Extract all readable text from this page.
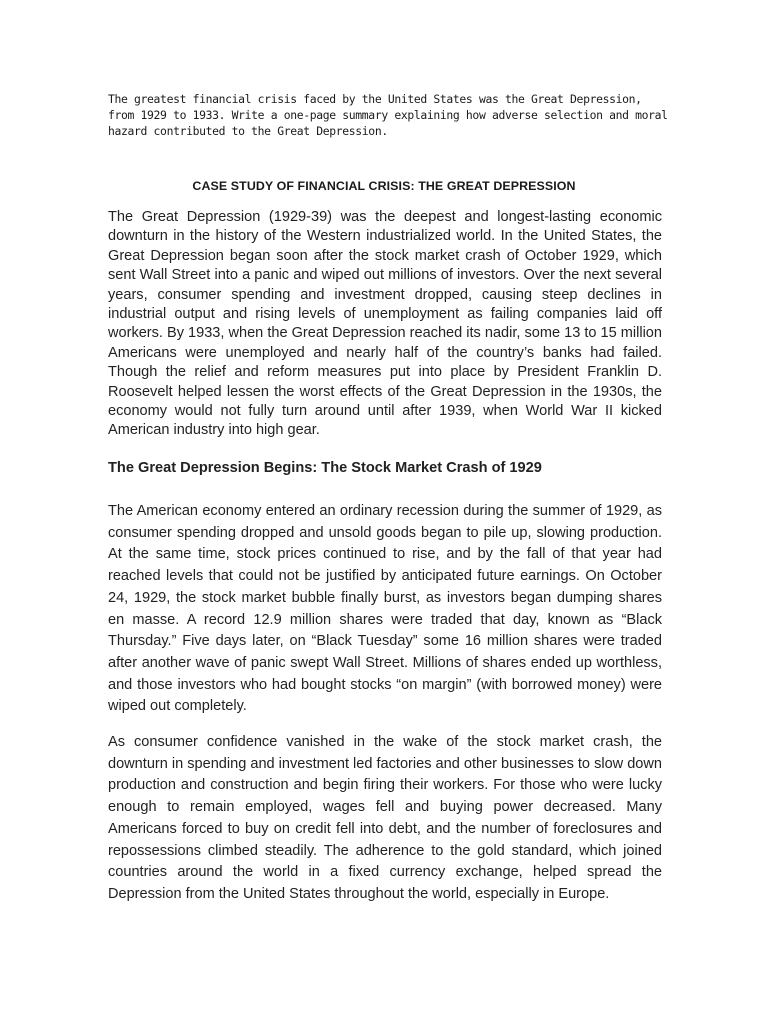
The greatest financial crisis faced by the United States was the Great Depression, from 1929 to 1933. Write a one-page summary explaining how adverse selection and moral hazard contributed to the Great Depression.

CASE STUDY OF FINANCIAL CRISIS: THE GREAT DEPRESSION

The Great Depression (1929-39) was the deepest and longest-lasting economic downturn in the history of the Western industrialized world. In the United States, the Great Depression began soon after the stock market crash of October 1929, which sent Wall Street into a panic and wiped out millions of investors. Over the next several years, consumer spending and investment dropped, causing steep declines in industrial output and rising levels of unemployment as failing companies laid off workers. By 1933, when the Great Depression reached its nadir, some 13 to 15 million Americans were unemployed and nearly half of the country’s banks had failed. Though the relief and reform measures put into place by President Franklin D. Roosevelt helped lessen the worst effects of the Great Depression in the 1930s, the economy would not fully turn around until after 1939, when World War II kicked American industry into high gear.

The Great Depression Begins: The Stock Market Crash of 1929

The American economy entered an ordinary recession during the summer of 1929, as consumer spending dropped and unsold goods began to pile up, slowing production. At the same time, stock prices continued to rise, and by the fall of that year had reached levels that could not be justified by anticipated future earnings. On October 24, 1929, the stock market bubble finally burst, as investors began dumping shares en masse. A record 12.9 million shares were traded that day, known as “Black Thursday.” Five days later, on “Black Tuesday” some 16 million shares were traded after another wave of panic swept Wall Street. Millions of shares ended up worthless, and those investors who had bought stocks “on margin” (with borrowed money) were wiped out completely.

As consumer confidence vanished in the wake of the stock market crash, the downturn in spending and investment led factories and other businesses to slow down production and construction and begin firing their workers. For those who were lucky enough to remain employed, wages fell and buying power decreased. Many Americans forced to buy on credit fell into debt, and the number of foreclosures and repossessions climbed steadily. The adherence to the gold standard, which joined countries around the world in a fixed currency exchange, helped spread the Depression from the United States throughout the world, especially in Europe.
